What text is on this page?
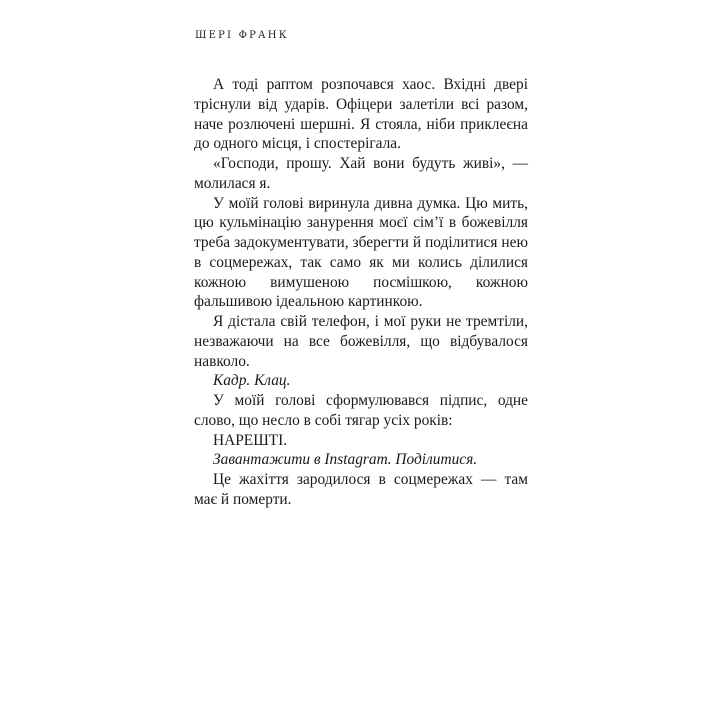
ШЕРІ ФРАНК

А тоді раптом розпочався хаос. Вхідні двері тріснули від ударів. Офіцери залетіли всі разом, наче розлючені шершні. Я стояла, ніби приклеєна до одного місця, і спостерігала.

«Господи, прошу. Хай вони будуть живі», — молилася я.

У моїй голові виринула дивна думка. Цю мить, цю кульмінацію занурення моєї сім’ї в божевілля треба задокументувати, зберегти й поділитися нею в соцмережах, так само як ми колись ділилися кожною вимушеною посмішкою, кожною фальшивою ідеальною картинкою.

Я дістала свій телефон, і мої руки не тремтіли, незважаючи на все божевілля, що відбувалося навколо.

Кадр. Клац.

У моїй голові сформулювався підпис, одне слово, що несло в собі тягар усіх років:

НАРЕШТІ.

Завантажити в Instagram. Поділитися.

Це жахіття зародилося в соцмережах — там має й померти.
